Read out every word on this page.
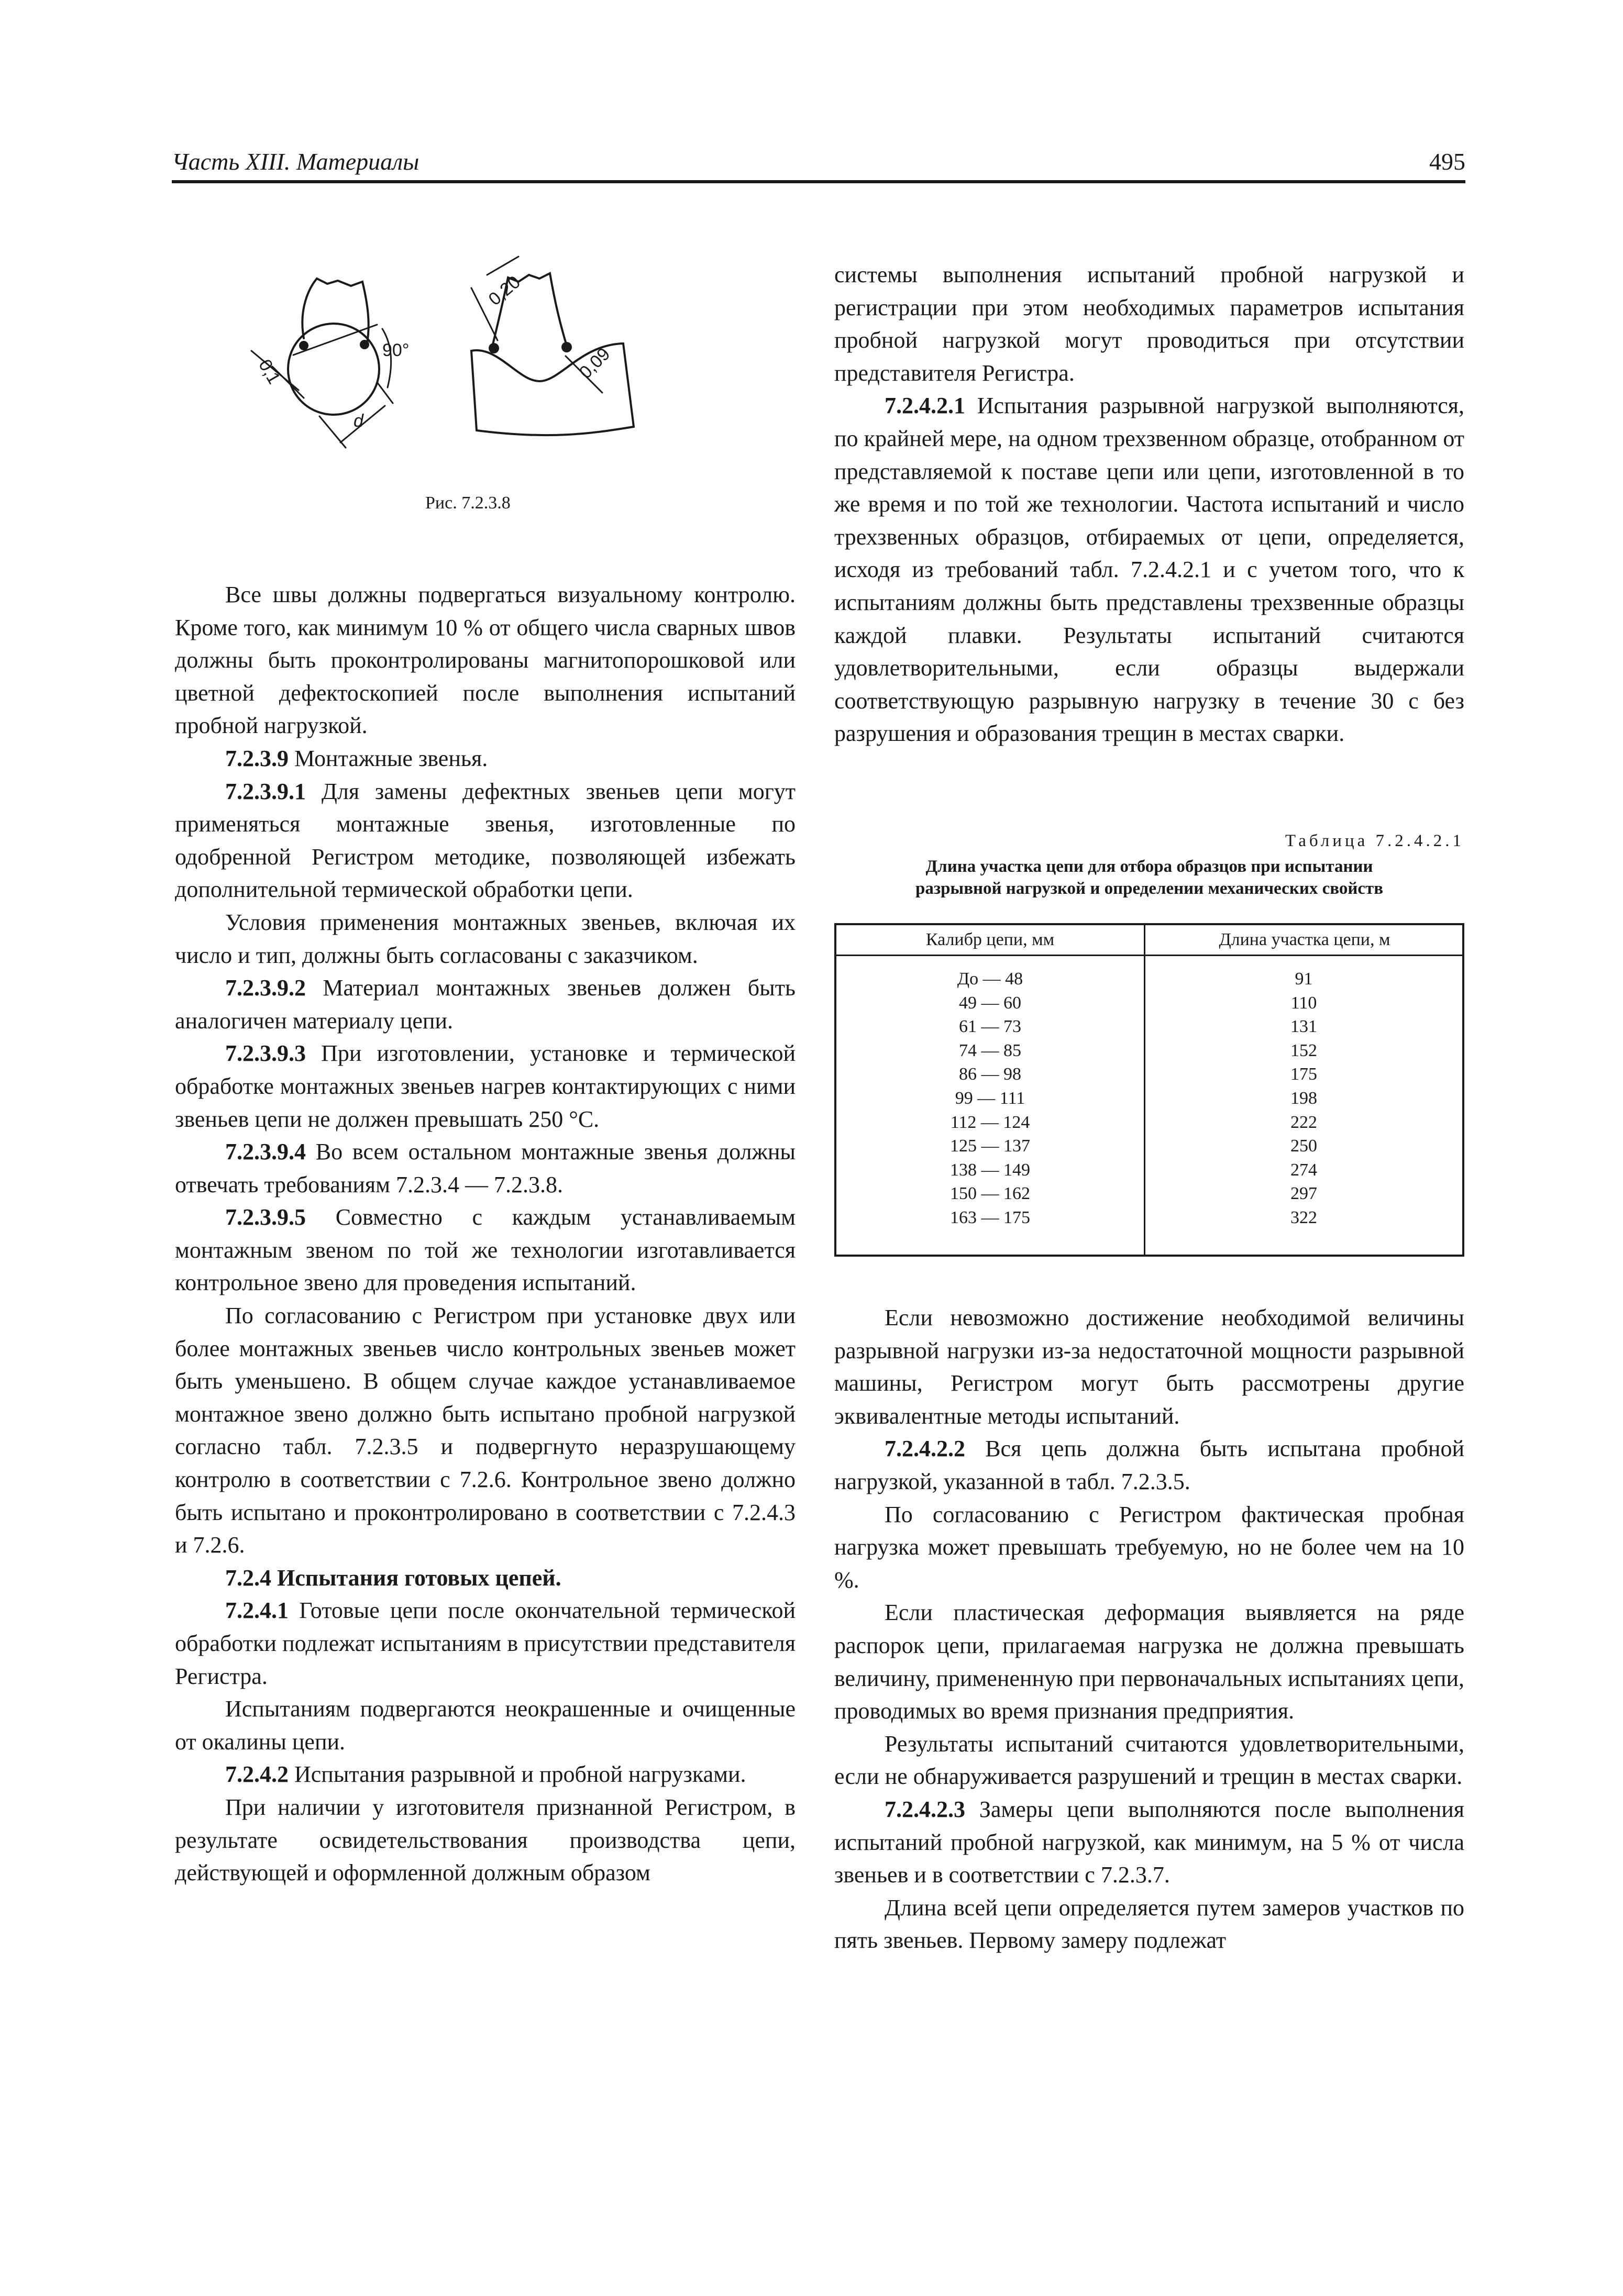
Часть XIII. Материалы	495
0,1
90°
d
0,20
0,09
Рис. 7.2.3.8

Все швы должны подвергаться визуальному контролю. Кроме того, как минимум 10 % от общего числа сварных швов должны быть проконтролированы магнитопорошковой или цветной дефектоскопией после выполнения испытаний пробной нагрузкой.

7.2.3.9 Монтажные звенья.

7.2.3.9.1 Для замены дефектных звеньев цепи могут применяться монтажные звенья, изготовленные по одобренной Регистром методике, позволяющей избежать дополнительной термической обработки цепи.

Условия применения монтажных звеньев, включая их число и тип, должны быть согласованы с заказчиком.

7.2.3.9.2 Материал монтажных звеньев должен быть аналогичен материалу цепи.

7.2.3.9.3 При изготовлении, установке и термической обработке монтажных звеньев нагрев контактирующих с ними звеньев цепи не должен превышать 250 °С.

7.2.3.9.4 Во всем остальном монтажные звенья должны отвечать требованиям 7.2.3.4 — 7.2.3.8.

7.2.3.9.5 Совместно с каждым устанавливаемым монтажным звеном по той же технологии изготавливается контрольное звено для проведения испытаний.

По согласованию с Регистром при установке двух или более монтажных звеньев число контрольных звеньев может быть уменьшено. В общем случае каждое устанавливаемое монтажное звено должно быть испытано пробной нагрузкой согласно табл. 7.2.3.5 и подвергнуто неразрушающему контролю в соответствии с 7.2.6. Контрольное звено должно быть испытано и проконтролировано в соответствии с 7.2.4.3 и 7.2.6.

7.2.4 Испытания готовых цепей.

7.2.4.1 Готовые цепи после окончательной термической обработки подлежат испытаниям в присутствии представителя Регистра.

Испытаниям подвергаются неокрашенные и очищенные от окалины цепи.

7.2.4.2 Испытания разрывной и пробной нагрузками.

При наличии у изготовителя признанной Регистром, в результате освидетельствования производства цепи, действующей и оформленной должным образом

системы выполнения испытаний пробной нагрузкой и регистрации при этом необходимых параметров испытания пробной нагрузкой могут проводиться при отсутствии представителя Регистра.

7.2.4.2.1 Испытания разрывной нагрузкой выполняются, по крайней мере, на одном трехзвенном образце, отобранном от представляемой к поставе цепи или цепи, изготовленной в то же время и по той же технологии. Частота испытаний и число трехзвенных образцов, отбираемых от цепи, определяется, исходя из требований табл. 7.2.4.2.1 и с учетом того, что к испытаниям должны быть представлены трехзвенные образцы каждой плавки. Результаты испытаний считаются удовлетворительными, если образцы выдержали соответствующую разрывную нагрузку в течение 30 с без разрушения и образования трещин в местах сварки.

Таблица 7.2.4.2.1
Длина участка цепи для отбора образцов при испытании
разрывной нагрузкой и определении механических свойств
Калибр цепи, мм	Длина участка цепи, м
До — 48	91
49 — 60	110
61 — 73	131
74 — 85	152
86 — 98	175
99 — 111	198
112 — 124	222
125 — 137	250
138 — 149	274
150 — 162	297
163 — 175	322

Если невозможно достижение необходимой величины разрывной нагрузки из-за недостаточной мощности разрывной машины, Регистром могут быть рассмотрены другие эквивалентные методы испытаний.

7.2.4.2.2 Вся цепь должна быть испытана пробной нагрузкой, указанной в табл. 7.2.3.5.

По согласованию с Регистром фактическая пробная нагрузка может превышать требуемую, но не более чем на 10 %.

Если пластическая деформация выявляется на ряде распорок цепи, прилагаемая нагрузка не должна превышать величину, примененную при первоначальных испытаниях цепи, проводимых во время признания предприятия.

Результаты испытаний считаются удовлетворительными, если не обнаруживается разрушений и трещин в местах сварки.

7.2.4.2.3 Замеры цепи выполняются после выполнения испытаний пробной нагрузкой, как минимум, на 5 % от числа звеньев и в соответствии с 7.2.3.7.

Длина всей цепи определяется путем замеров участков по пять звеньев. Первому замеру подлежат
